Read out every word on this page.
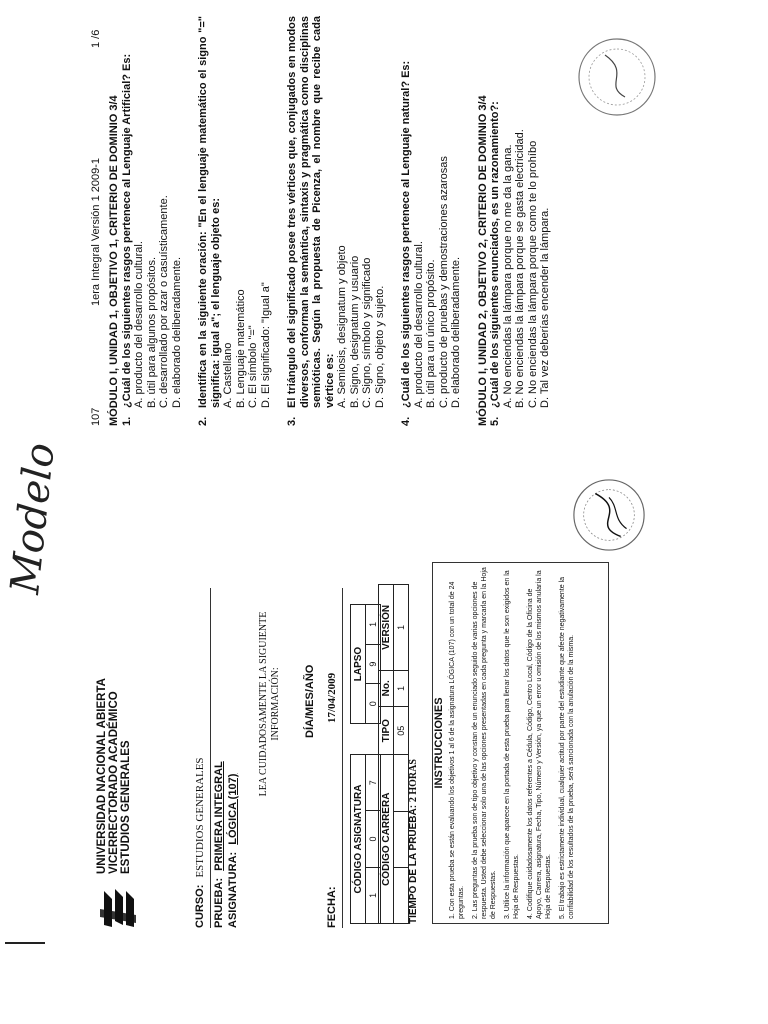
Modelo
UNIVERSIDAD NACIONAL ABIERTA VICERRECTORADO ACADÉMICO ESTUDIOS GENERALES
CURSO: ESTUDIOS GENERALES
PRUEBA: PRIMERA INTEGRAL
ASIGNATURA: LÓGICA (107)
LEA CUIDADOSAMENTE LA SIGUIENTE INFORMACIÓN:
FECHA:
DÍA/MES/AÑO 17/04/2009
CÓDIGO ASIGNATURA
1	0	7
LAPSO
0	9	1
CÓDIGO CARRERA			TIPO	No.	VERSIÓN
			05	1	1
TIEMPO DE LA PRUEBA: 2 HORAS INSTRUCCIONES 1. Con esta prueba se están evaluando los objetivos 1 al 6 de la asignatura LÓGICA (107) con un total de 24 preguntas. 2. Las preguntas de la prueba son de tipo objetivo y constan de un enunciado seguido de varias opciones de respuesta. Usted debe seleccionar solo una de las opciones presentadas en cada pregunta y marcarla en la Hoja de Respuestas. 3. Utilice la información que aparece en la portada de esta prueba para llenar los datos que le son exigidos en la Hoja de Respuestas. 4. Codifique cuidadosamente los datos referentes a Cédula, Código, Centro Local, Código de la Oficina de Apoyo, Carrera, asignatura, Fecha, Tipo, Número y Versión, ya que un error u omisión de los mismos anularía la Hoja de Respuestas. 5. El trabajo es estrictamente individual, cualquier actitud por parte del estudiante que afecte negativamente la confiabilidad de los resultados de la prueba, será sancionada con la anulación de la misma.
107
1era Integral Versión 1 2009-1
1 /6
MÓDULO I, UNIDAD 1, OBJETIVO 1, CRITERIO DE DOMINIO 3/4 1.
¿Cuál de los siguientes rasgos pertenece al Lenguaje Artificial? Es: A. producto del desarrollo cultural. B. útil para algunos propósitos. C. desarrollado por azar o casuísticamente. D. elaborado deliberadamente.
2.
Identifica en la siguiente oración: "En el lenguaje matemático el signo "=" significa: igual a"; el lenguaje objeto es: A. Castellano B. Lenguaje matemático C. El símbolo "=" D. El significado: "Igual a"
3.
El triángulo del significado posee tres vértices que, conjugados en modos diversos, conforman la semántica, sintaxis y pragmática como disciplinas semióticas. Según la propuesta de Picenza, el nombre que recibe cada vértice es: A. Semiosis, designatum y objeto B. Signo, designatum y usuario C. Signo, símbolo y significado D. Signo, objeto y sujeto.
4.
¿Cuál de los siguientes rasgos pertenece al Lenguaje natural? Es: A. producto del desarrollo cultural. B. útil para un único propósito. C. producto de pruebas y demostraciones azarosas D. elaborado deliberadamente. MÓDULO I, UNIDAD 2, OBJETIVO 2, CRITERIO DE DOMINIO 3/4 5.
¿Cuál de los siguientes enunciados, es un razonamiento?: A. No enciendas la lámpara porque no me da la gana. B. No enciendas la lámpara porque se gasta electricidad. C. No enciendas la lámpara porque como te lo prohíbo D. Tal vez deberías encender la lámpara.
